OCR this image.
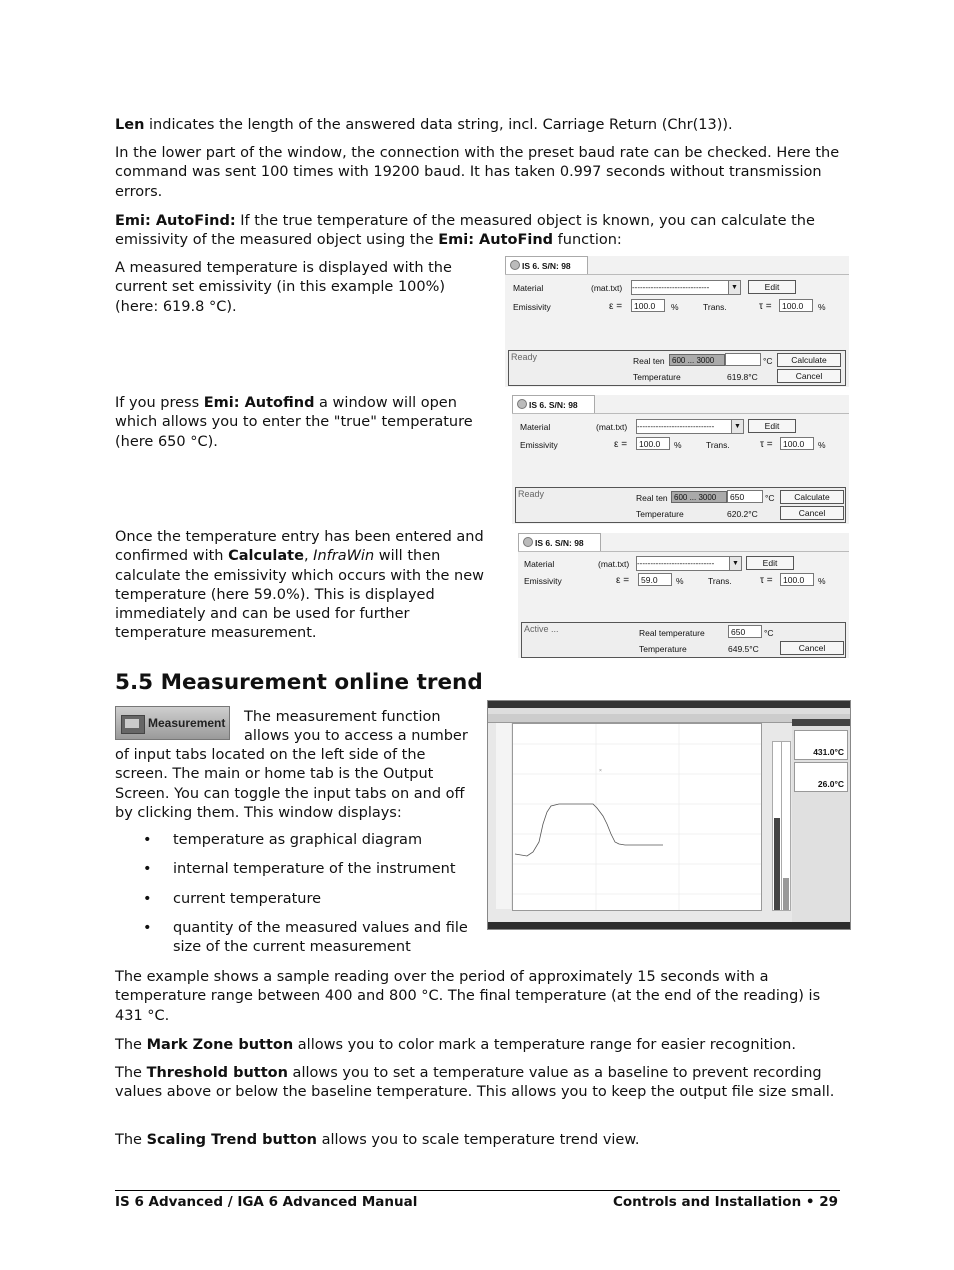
Len indicates the length of the answered data string, incl. Carriage Return (Chr(13)).

In the lower part of the window, the connection with the preset baud rate can be checked. Here the command was sent 100 times with 19200 baud. It has taken 0.997 seconds without transmission errors.

Emi: AutoFind: If the true temperature of the measured object is known, you can calculate the emissivity of the measured object using the Emi: AutoFind function:

A measured temperature is displayed with the current set emissivity (in this example 100%) (here: 619.8 °C).

If you press Emi: Autofind a window will open which allows you to enter the "true" temperature (here 650 °C).

Once the temperature entry has been entered and confirmed with Calculate, InfraWin will then calculate the emissivity which occurs with the new temperature (here 59.0%). This is displayed immediately and can be used for further temperature measurement.

IS 6. S/N: 98
Material	(mat.txt) -----------------------------	▼	Edit
Emissivity	ε =	100.0	%	Trans.	τ =	100.0	%
Ready	Real ten 600 ... 3000	°C	Calculate
Temperature	619.8°C	Cancel
IS 6. S/N: 98
Material	(mat.txt) -----------------------------	▼	Edit
Emissivity	ε =	100.0	%	Trans.	τ =	100.0	%
Ready	Real ten 600 ... 3000	650	°C	Calculate
Temperature	620.2°C	Cancel
IS 6. S/N: 98
Material	(mat.txt) -----------------------------	▼	Edit
Emissivity	ε =	59.0	%	Trans.	τ =	100.0	%
Active ...	Real temperature	650	°C
Temperature	649.5°C	Cancel
5.5 Measurement online trend
Measurement The measurement function allows you to access a number

of input tabs located on the left side of the screen. The main or home tab is the Output Screen. You can toggle the input tabs on and off by clicking them. This window displays:

• temperature as graphical diagram
• internal temperature of the instrument
• current temperature
• quantity of the measured values and file size of the current measurement
×
431.0°C
26.0°C

The example shows a sample reading over the period of approximately 15 seconds with a temperature range between 400 and 800 °C. The final temperature (at the end of the reading) is 431 °C.

The Mark Zone button allows you to color mark a temperature range for easier recognition.

The Threshold button allows you to set a temperature value as a baseline to prevent recording values above or below the baseline temperature. This allows you to keep the output file size small.

The Scaling Trend button allows you to scale temperature trend view.

IS 6 Advanced / IGA 6 Advanced Manual	Controls and Installation • 29
